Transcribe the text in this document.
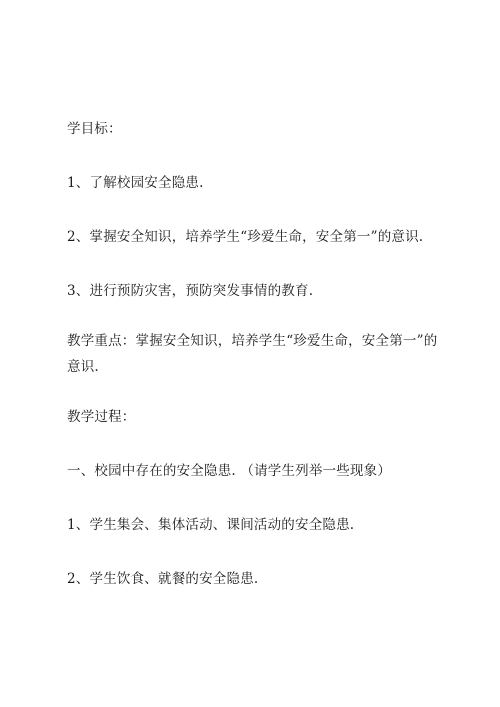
学目标：
1、了解校园安全隐患.
2、掌握安全知识，培养学生“珍爱生命，安全第一”的意识.
3、进行预防灾害，预防突发事情的教育.
教学重点：掌握安全知识，培养学生“珍爱生命，安全第一”的
意识.
教学过程：
一、校园中存在的安全隐患. （请学生列举一些现象）
1、学生集会、集体活动、课间活动的安全隐患.
2、学生饮食、就餐的安全隐患.
